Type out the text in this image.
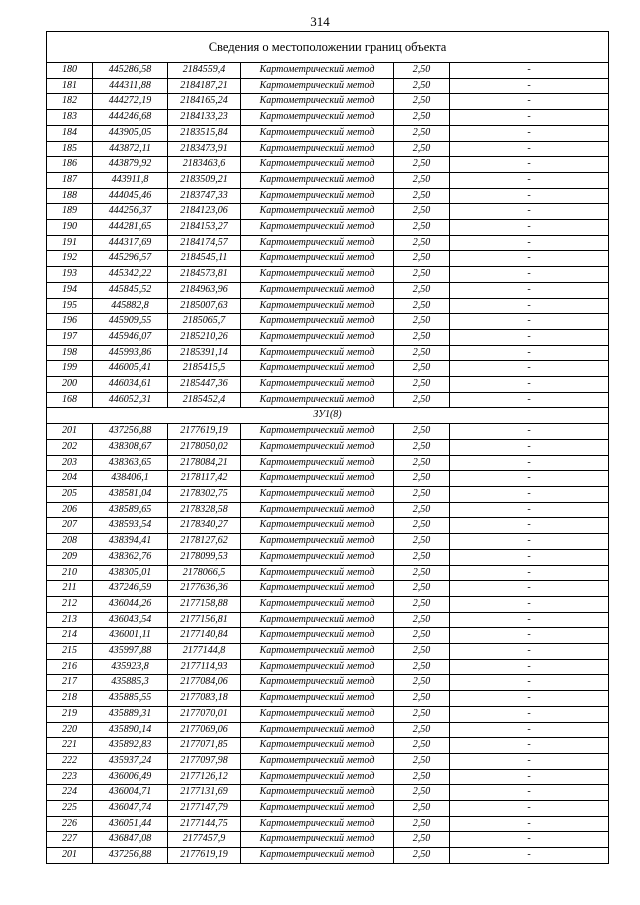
314
Сведения о местоположении границ объекта					
180	445286,58	2184559,4	Картометрический метод	2,50	-
181	444311,88	2184187,21	Картометрический метод	2,50	-
182	444272,19	2184165,24	Картометрический метод	2,50	-
183	444246,68	2184133,23	Картометрический метод	2,50	-
184	443905,05	2183515,84	Картометрический метод	2,50	-
185	443872,11	2183473,91	Картометрический метод	2,50	-
186	443879,92	2183463,6	Картометрический метод	2,50	-
187	443911,8	2183509,21	Картометрический метод	2,50	-
188	444045,46	2183747,33	Картометрический метод	2,50	-
189	444256,37	2184123,06	Картометрический метод	2,50	-
190	444281,65	2184153,27	Картометрический метод	2,50	-
191	444317,69	2184174,57	Картометрический метод	2,50	-
192	445296,57	2184545,11	Картометрический метод	2,50	-
193	445342,22	2184573,81	Картометрический метод	2,50	-
194	445845,52	2184963,96	Картометрический метод	2,50	-
195	445882,8	2185007,63	Картометрический метод	2,50	-
196	445909,55	2185065,7	Картометрический метод	2,50	-
197	445946,07	2185210,26	Картометрический метод	2,50	-
198	445993,86	2185391,14	Картометрический метод	2,50	-
199	446005,41	2185415,5	Картометрический метод	2,50	-
200	446034,61	2185447,36	Картометрический метод	2,50	-
168	446052,31	2185452,4	Картометрический метод	2,50	-
ЗУ1(8)					
201	437256,88	2177619,19	Картометрический метод	2,50	-
202	438308,67	2178050,02	Картометрический метод	2,50	-
203	438363,65	2178084,21	Картометрический метод	2,50	-
204	438406,1	2178117,42	Картометрический метод	2,50	-
205	438581,04	2178302,75	Картометрический метод	2,50	-
206	438589,65	2178328,58	Картометрический метод	2,50	-
207	438593,54	2178340,27	Картометрический метод	2,50	-
208	438394,41	2178127,62	Картометрический метод	2,50	-
209	438362,76	2178099,53	Картометрический метод	2,50	-
210	438305,01	2178066,5	Картометрический метод	2,50	-
211	437246,59	2177636,36	Картометрический метод	2,50	-
212	436044,26	2177158,88	Картометрический метод	2,50	-
213	436043,54	2177156,81	Картометрический метод	2,50	-
214	436001,11	2177140,84	Картометрический метод	2,50	-
215	435997,88	2177144,8	Картометрический метод	2,50	-
216	435923,8	2177114,93	Картометрический метод	2,50	-
217	435885,3	2177084,06	Картометрический метод	2,50	-
218	435885,55	2177083,18	Картометрический метод	2,50	-
219	435889,31	2177070,01	Картометрический метод	2,50	-
220	435890,14	2177069,06	Картометрический метод	2,50	-
221	435892,83	2177071,85	Картометрический метод	2,50	-
222	435937,24	2177097,98	Картометрический метод	2,50	-
223	436006,49	2177126,12	Картометрический метод	2,50	-
224	436004,71	2177131,69	Картометрический метод	2,50	-
225	436047,74	2177147,79	Картометрический метод	2,50	-
226	436051,44	2177144,75	Картометрический метод	2,50	-
227	436847,08	2177457,9	Картометрический метод	2,50	-
201	437256,88	2177619,19	Картометрический метод	2,50	-
